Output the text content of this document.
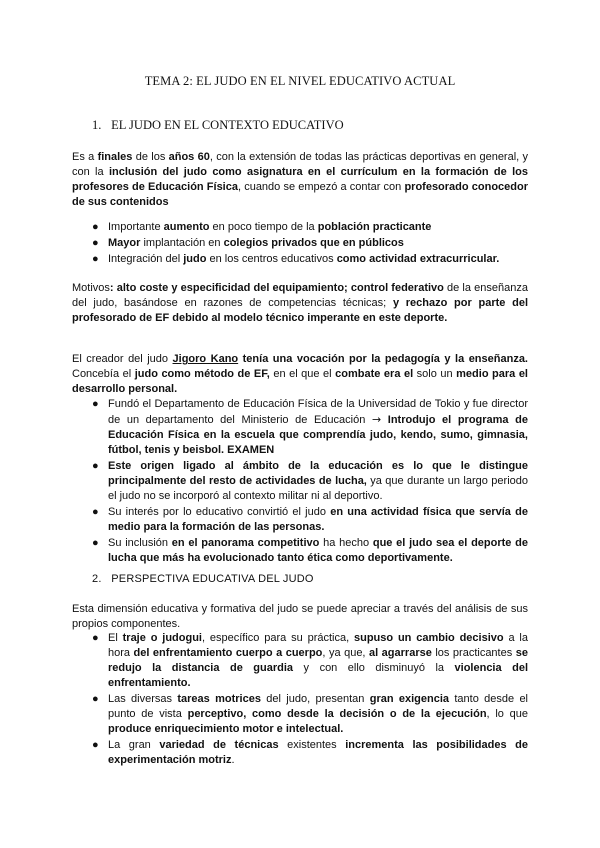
TEMA 2: EL JUDO EN EL NIVEL EDUCATIVO ACTUAL
1. EL JUDO EN EL CONTEXTO EDUCATIVO

Es a finales de los años 60, con la extensión de todas las prácticas deportivas en general, y con la inclusión del judo como asignatura en el currículum en la formación de los profesores de Educación Física, cuando se empezó a contar con profesorado conocedor de sus contenidos

● Importante aumento en poco tiempo de la población practicante
● Mayor implantación en colegios privados que en públicos
● Integración del judo en los centros educativos como actividad extracurricular.

Motivos: alto coste y especificidad del equipamiento; control federativo de la enseñanza del judo, basándose en razones de competencias técnicas; y rechazo por parte del profesorado de EF debido al modelo técnico imperante en este deporte.

El creador del judo Jigoro Kano tenía una vocación por la pedagogía y la enseñanza. Concebía el judo como método de EF, en el que el combate era el solo un medio para el desarrollo personal.

● Fundó el Departamento de Educación Física de la Universidad de Tokio y fue director de un departamento del Ministerio de Educación → Introdujo el programa de Educación Física en la escuela que comprendía judo, kendo, sumo, gimnasia, fútbol, tenis y beisbol. EXAMEN
● Este origen ligado al ámbito de la educación es lo que le distingue principalmente del resto de actividades de lucha, ya que durante un largo periodo el judo no se incorporó al contexto militar ni al deportivo.
● Su interés por lo educativo convirtió el judo en una actividad física que servía de medio para la formación de las personas.
● Su inclusión en el panorama competitivo ha hecho que el judo sea el deporte de lucha que más ha evolucionado tanto ética como deportivamente.
2. PERSPECTIVA EDUCATIVA DEL JUDO

Esta dimensión educativa y formativa del judo se puede apreciar a través del análisis de sus propios componentes.

● El traje o judogui, específico para su práctica, supuso un cambio decisivo a la hora del enfrentamiento cuerpo a cuerpo, ya que, al agarrarse los practicantes se redujo la distancia de guardia y con ello disminuyó la violencia del enfrentamiento.
● Las diversas tareas motrices del judo, presentan gran exigencia tanto desde el punto de vista perceptivo, como desde la decisión o de la ejecución, lo que produce enriquecimiento motor e intelectual.
● La gran variedad de técnicas existentes incrementa las posibilidades de experimentación motriz.
